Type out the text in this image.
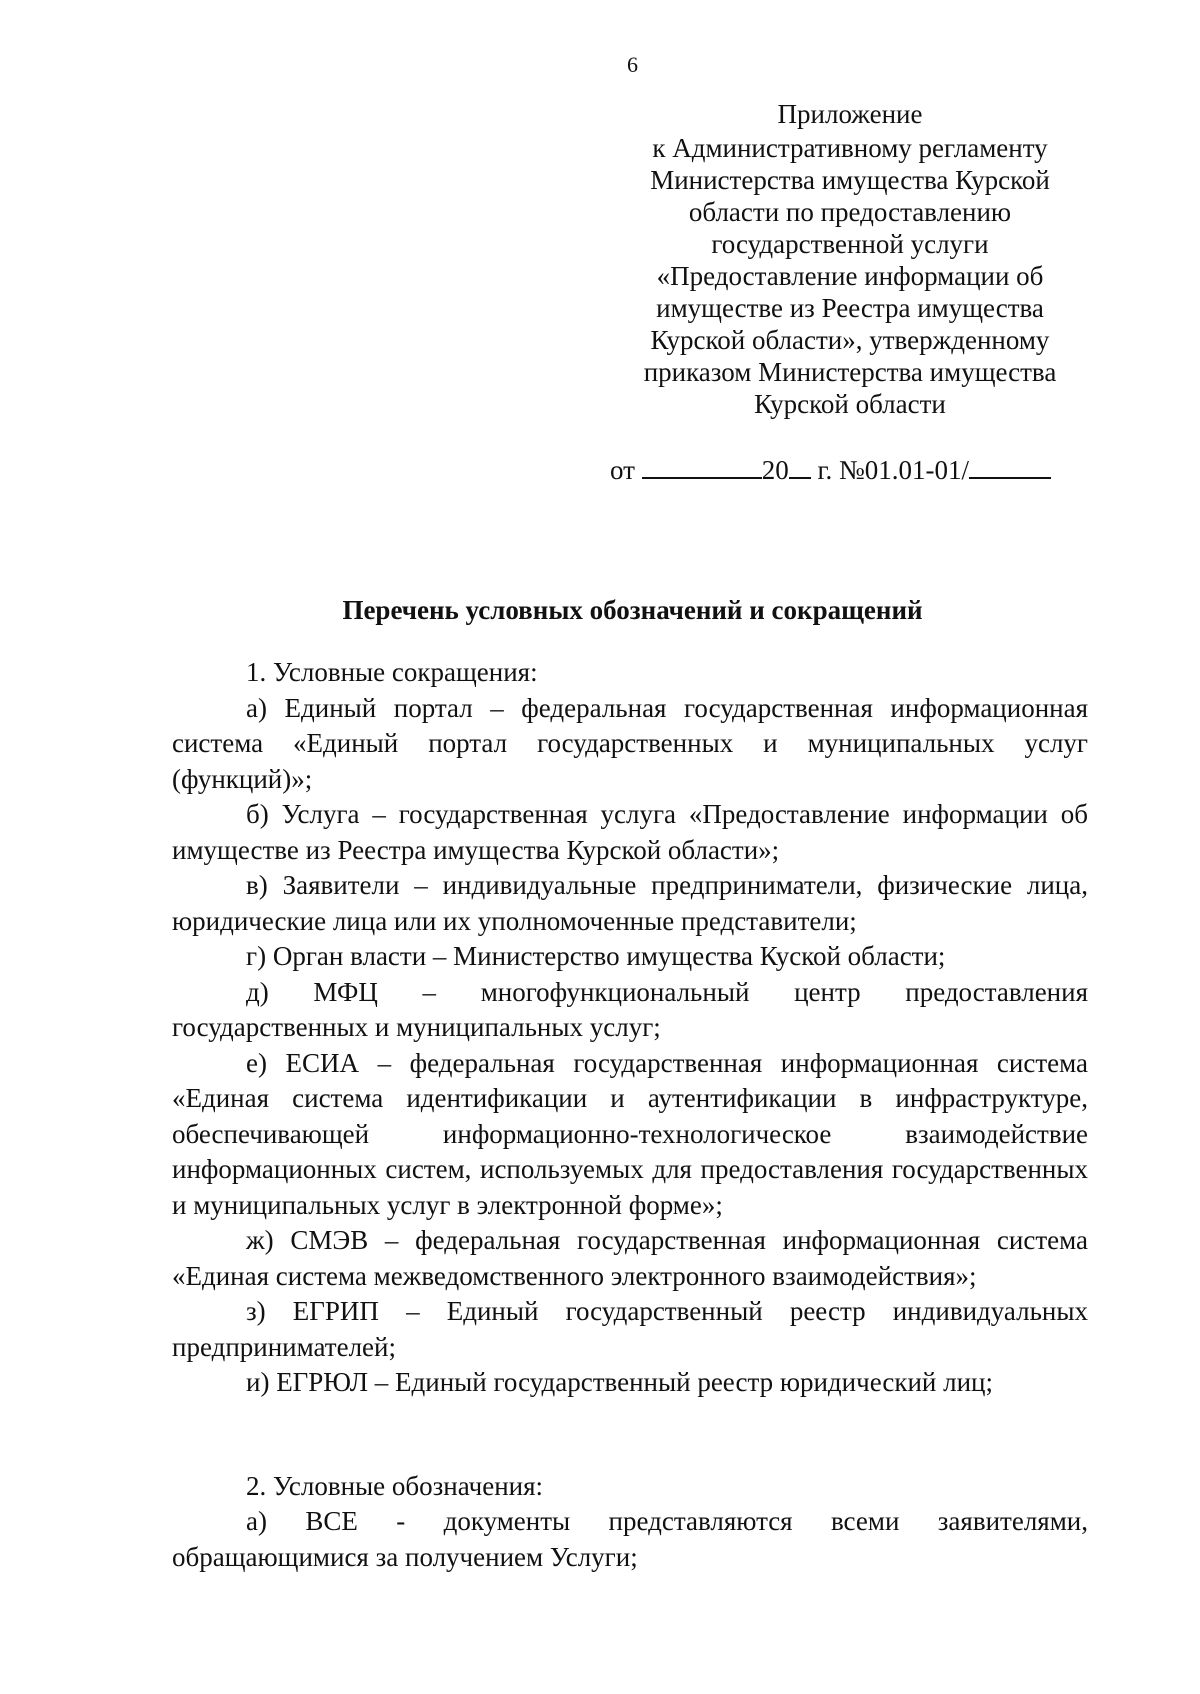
6
Приложение
к Административному регламенту
Министерства имущества Курской
области по предоставлению
государственной услуги
«Предоставление информации об
имуществе из Реестра имущества
Курской области», утвержденному
приказом Министерства имущества
Курской области
от	20 г. №01.01-01/
Перечень условных обозначений и сокращений

1. Условные сокращения:

а) Единый портал – федеральная государственная информационная система «Единый портал государственных и муниципальных услуг (функций)»;

б) Услуга – государственная услуга «Предоставление информации об имуществе из Реестра имущества Курской области»;

в) Заявители – индивидуальные предприниматели, физические лица, юридические лица или их уполномоченные представители;

г) Орган власти – Министерство имущества Куской области;

д) МФЦ – многофункциональный центр предоставления государственных и муниципальных услуг;

е) ЕСИА – федеральная государственная информационная система «Единая система идентификации и аутентификации в инфраструктуре, обеспечивающей информационно-технологическое взаимодействие информационных систем, используемых для предоставления государственных и муниципальных услуг в электронной форме»;

ж) СМЭВ – федеральная государственная информационная система «Единая система межведомственного электронного взаимодействия»;

з) ЕГРИП – Единый государственный реестр индивидуальных предпринимателей;

и) ЕГРЮЛ – Единый государственный реестр юридический лиц;

2. Условные обозначения:

а) ВСЕ - документы представляются всеми заявителями, обращающимися за получением Услуги;
